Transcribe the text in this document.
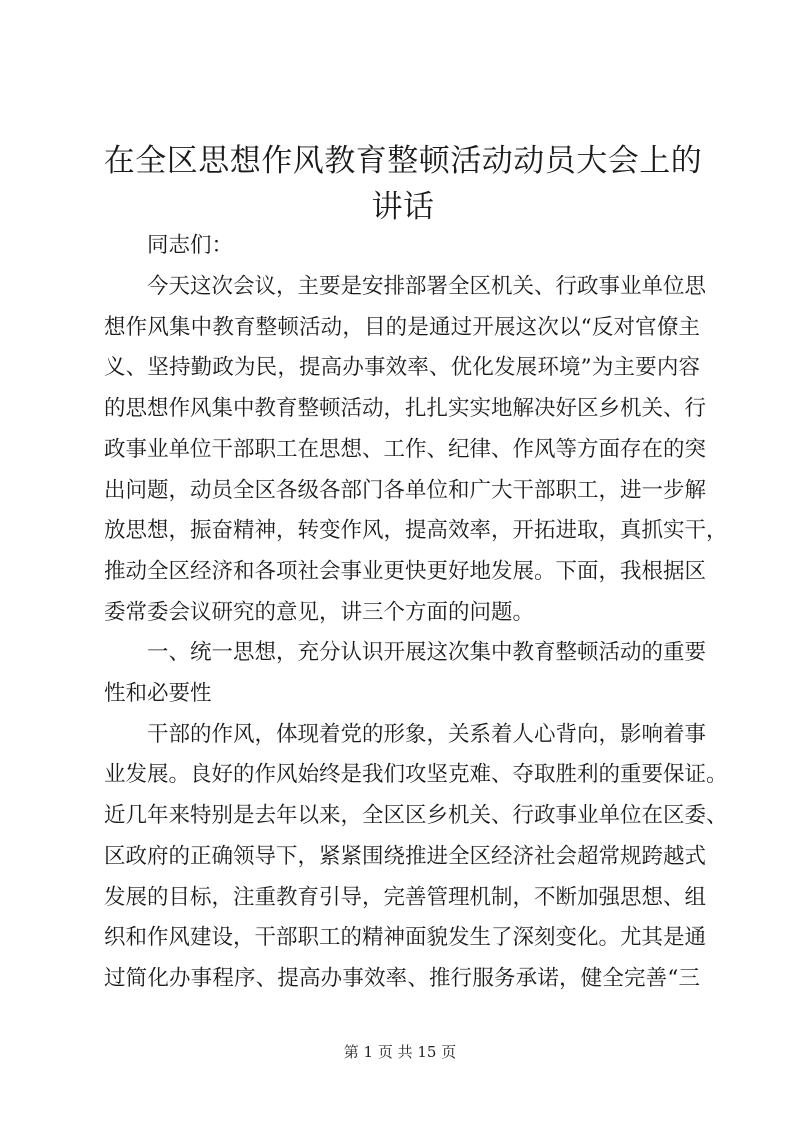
在全区思想作风教育整顿活动动员大会上的讲话

同志们：

今天这次会议，主要是安排部署全区机关、行政事业单位思

想作风集中教育整顿活动，目的是通过开展这次以“反对官僚主

义、坚持勤政为民，提高办事效率、优化发展环境”为主要内容

的思想作风集中教育整顿活动，扎扎实实地解决好区乡机关、行

政事业单位干部职工在思想、工作、纪律、作风等方面存在的突

出问题，动员全区各级各部门各单位和广大干部职工，进一步解

放思想，振奋精神，转变作风，提高效率，开拓进取，真抓实干，

推动全区经济和各项社会事业更快更好地发展。下面，我根据区

委常委会议研究的意见，讲三个方面的问题。

一、统一思想，充分认识开展这次集中教育整顿活动的重要

性和必要性

干部的作风，体现着党的形象，关系着人心背向，影响着事

业发展。良好的作风始终是我们攻坚克难、夺取胜利的重要保证。

近几年来特别是去年以来，全区区乡机关、行政事业单位在区委、

区政府的正确领导下，紧紧围绕推进全区经济社会超常规跨越式

发展的目标，注重教育引导，完善管理机制，不断加强思想、组

织和作风建设，干部职工的精神面貌发生了深刻变化。尤其是通

过简化办事程序、提高办事效率、推行服务承诺，健全完善“三

第 1 页 共 15 页
